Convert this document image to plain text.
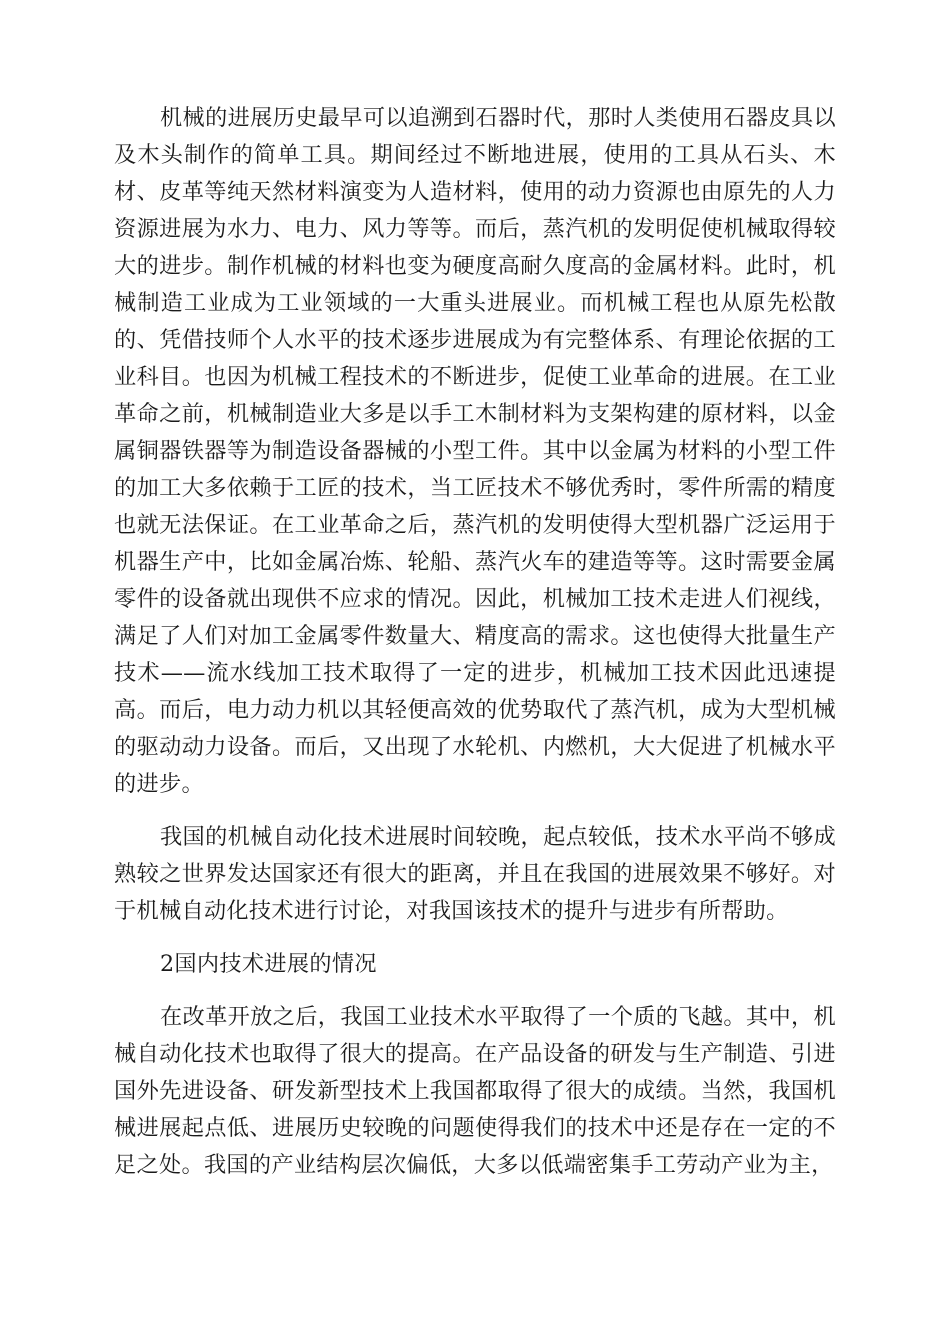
机械的进展历史最早可以追溯到石器时代，那时人类使用石器皮具以及木头制作的简单工具。期间经过不断地进展，使用的工具从石头、木材、皮革等纯天然材料演变为人造材料，使用的动力资源也由原先的人力资源进展为水力、电力、风力等等。而后，蒸汽机的发明促使机械取得较大的进步。制作机械的材料也变为硬度高耐久度高的金属材料。此时，机械制造工业成为工业领域的一大重头进展业。而机械工程也从原先松散的、凭借技师个人水平的技术逐步进展成为有完整体系、有理论依据的工业科目。也因为机械工程技术的不断进步，促使工业革命的进展。在工业革命之前，机械制造业大多是以手工木制材料为支架构建的原材料，以金属铜器铁器等为制造设备器械的小型工件。其中以金属为材料的小型工件的加工大多依赖于工匠的技术，当工匠技术不够优秀时，零件所需的精度也就无法保证。在工业革命之后，蒸汽机的发明使得大型机器广泛运用于机器生产中，比如金属冶炼、轮船、蒸汽火车的建造等等。这时需要金属零件的设备就出现供不应求的情况。因此，机械加工技术走进人们视线，满足了人们对加工金属零件数量大、精度高的需求。这也使得大批量生产技术——流水线加工技术取得了一定的进步，机械加工技术因此迅速提高。而后，电力动力机以其轻便高效的优势取代了蒸汽机，成为大型机械的驱动动力设备。而后，又出现了水轮机、内燃机，大大促进了机械水平的进步。

我国的机械自动化技术进展时间较晚，起点较低，技术水平尚不够成熟较之世界发达国家还有很大的距离，并且在我国的进展效果不够好。对于机械自动化技术进行讨论，对我国该技术的提升与进步有所帮助。

2国内技术进展的情况

在改革开放之后，我国工业技术水平取得了一个质的飞越。其中，机械自动化技术也取得了很大的提高。在产品设备的研发与生产制造、引进国外先进设备、研发新型技术上我国都取得了很大的成绩。当然，我国机械进展起点低、进展历史较晚的问题使得我们的技术中还是存在一定的不足之处。我国的产业结构层次偏低，大多以低端密集手工劳动产业为主，
